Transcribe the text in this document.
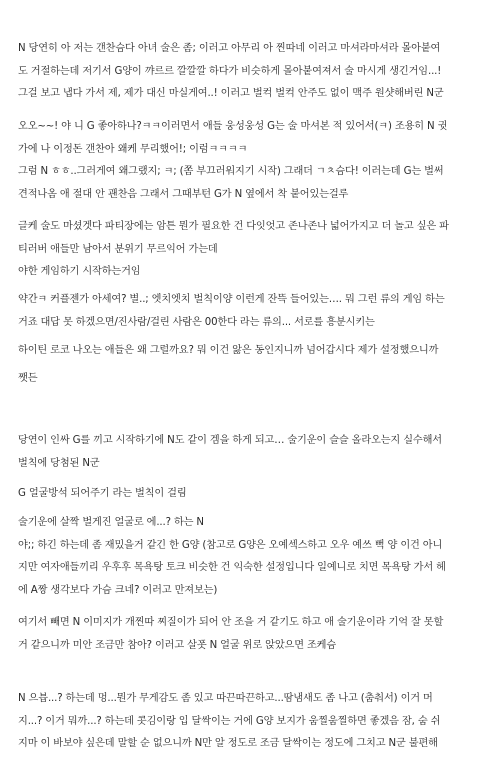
N 당연히 아 저는 갠찬슴다 아녀 술은 좀; 이러고 아무리 아 찐따네 이러고 마셔라마셔라 몰아붙여
도 거절하는데 저기서 G양이 꺄르르 깔깔깔 하다가 비슷하게 몰아붙여져서 술 마시게 생긴거임...!
그걸 보고 냅다 가서 제, 제가 대신 마실게여..! 이러고 벌컥 벌컥 안주도 없이 맥주 원샷해버린 N군
오오~~! 야 니 G 좋아하나?ㅋㅋ이러면서 애들 웅성웅성 G는 술 마셔본 적 있어서(ㅋ) 조용히 N 귓
가에 나 이정돈 갠찬아 왜케 무리했어!; 이럼ㅋㅋㅋㅋ
그럼 N ㅎㅎ..그러게여 왜그랬지; ㅋ; (쫌 부끄러워지기 시작) 그래더 ㄱㅊ슴다! 이러는데 G는 벌써
견적나옴 애 절대 안 괜찬음 그래서 그때부턴 G가 N 옆에서 착 붙어있는걸루
글케 술도 마셨겟다 파티장에는 암튼 뭔가 필요한 건 다잇엇고 존나존나 넓어가지고 더 놀고 싶은 파
티러버 애들만 남아서 분위기 무르익어 가는데
야한 게임하기 시작하는거임
약간ㅋ 커플젠가 아세여? 별..; 엣치엣치 벌칙이양 이런게 잔뜩 들어있는…. 뭐 그런 류의 게임 하는
거죠 대답 못 하겠으면/진사람/걸린 사람은 00한다 라는 류의... 서로를 흥분시키는
하이틴 로코 나오는 애들은 왜 그럴까요? 뭐 이건 앓은 동인지니까 넘어갑시다 제가 설정했으니까
쨋든
당연이 인싸 G를 끼고 시작하기에 N도 같이 겜을 하게 되고… 술기운이 슬슬 올라오는지 실수해서
벌칙에 당첨된 N군
G 얼굴방석 되어주기 라는 벌칙이 걸림
술기운에 살짝 벌게진 얼굴로 에...? 하는 N
야;; 하긴 하는데 좀 재밌을거 같긴 한 G양 (참고로 G양은 오예섹스하고 오우 예쓰 뻑 양 이건 아니
지만 여자애들끼리 우후후 목욕탕 토크 비슷한 건 익숙한 설정입니다 일예니로 치면 목욕탕 가서 헤
에 A짱 생각보다 가슴 크네? 이러고 만져보는)
여기서 빼면 N 이미지가 개찐따 찌질이가 되어 안 조을 거 같기도 하고 애 술기운이라 기억 잘 못할
거 같으니까 미안 조금만 참아? 이러고 살폿 N 얼굴 위로 앉았으면 조케슴
N 으븝...? 하는데 멍...뭔가 무게감도 좀 있고 따끈따끈하고...땀냄새도 좀 나고 (춤춰서) 이거 머
지...? 이거 뭐까...? 하는데 콧김이랑 입 달싹이는 거에 G양 보지가 움찔움찔하면 좋겠음 잠, 숨 쉬
지마 이 바보야 싶은데 말할 순 없으니까 N만 알 정도로 조금 달싹이는 정도에 그치고 N군 불편해
